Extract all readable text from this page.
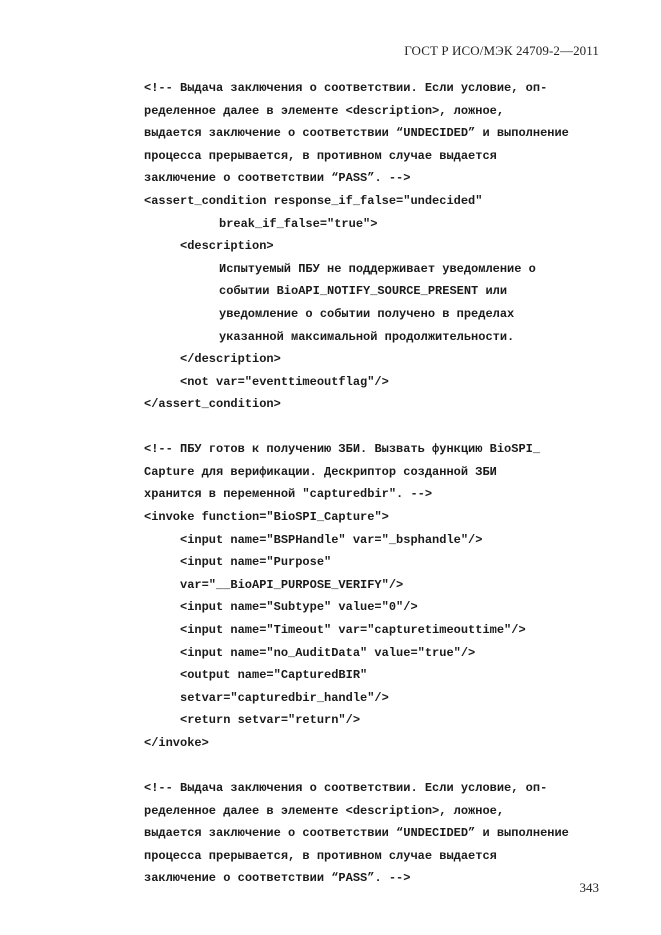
ГОСТ Р ИСО/МЭК 24709-2—2011
<!-- Выдача заключения о соответствии. Если условие, оп-
ределенное далее в элементе <description>, ложное,
выдается заключение о соответствии “UNDECIDED” и выполнение
процесса прерывается, в противном случае выдается
заключение о соответствии “PASS”. -->
<assert_condition response_if_false="undecided"
break_if_false="true">
<description>
Испытуемый ПБУ не поддерживает уведомление о
событии BioAPI_NOTIFY_SOURCE_PRESENT или
уведомление о событии получено в пределах
указанной максимальной продолжительности.
</description>
<not var="eventtimeoutflag"/>
</assert_condition>
<!-- ПБУ готов к получению ЗБИ. Вызвать функцию BioSPI_
Capture для верификации. Дескриптор созданной ЗБИ
хранится в переменной "capturedbir". -->
<invoke function="BioSPI_Capture">
<input name="BSPHandle" var="_bsphandle"/>
<input name="Purpose"
var="__BioAPI_PURPOSE_VERIFY"/>
<input name="Subtype" value="0"/>
<input name="Timeout" var="capturetimeouttime"/>
<input name="no_AuditData" value="true"/>
<output name="CapturedBIR"
setvar="capturedbir_handle"/>
<return setvar="return"/>
</invoke>
<!-- Выдача заключения о соответствии. Если условие, оп-
ределенное далее в элементе <description>, ложное,
выдается заключение о соответствии “UNDECIDED” и выполнение
процесса прерывается, в противном случае выдается
заключение о соответствии “PASS”. -->
343
